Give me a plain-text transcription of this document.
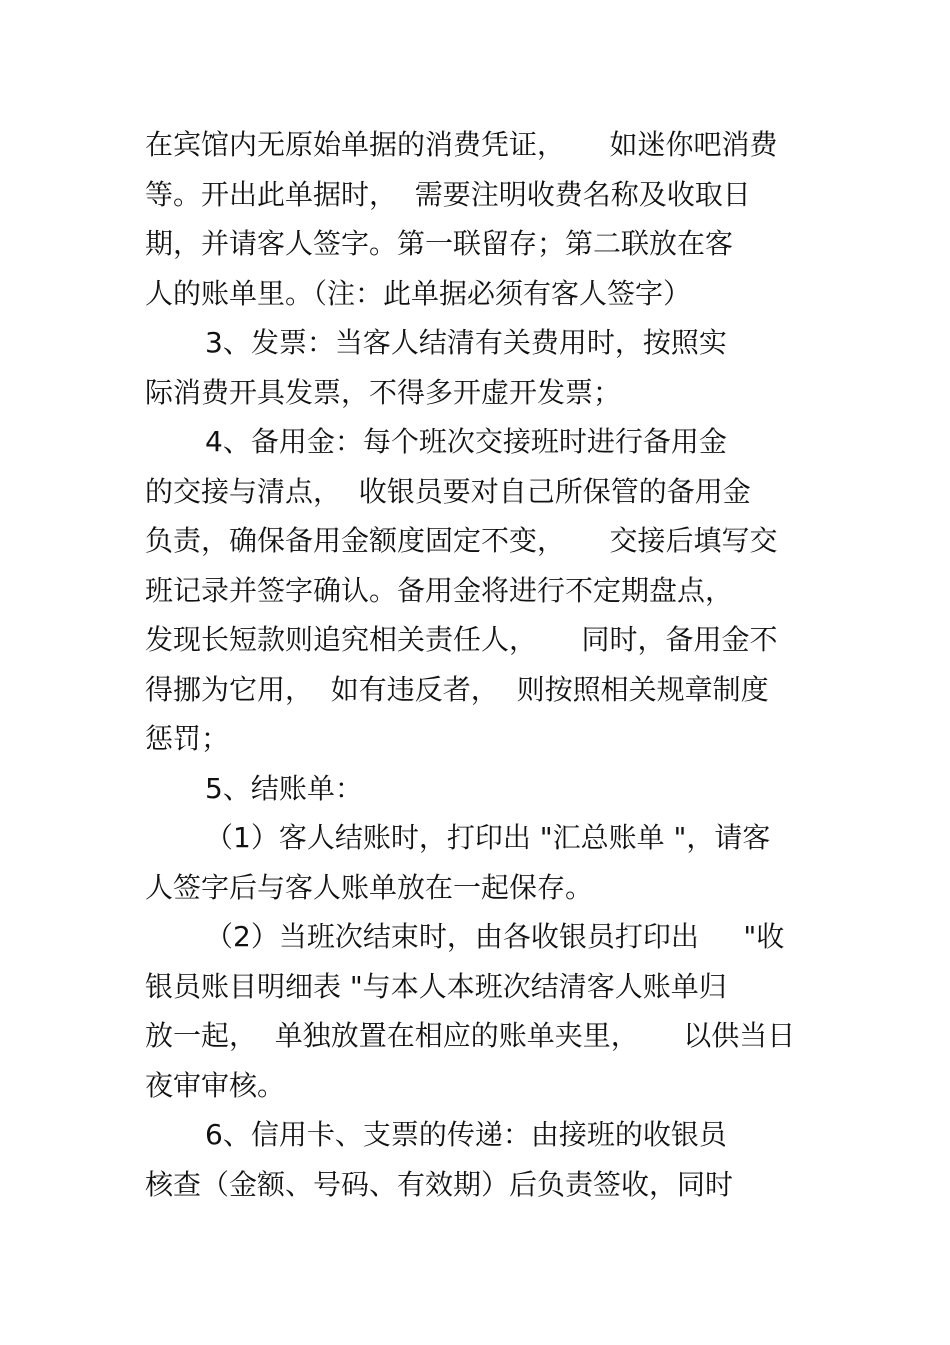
在宾馆内无原始单据的消费凭证，     如迷你吧消费
等。开出此单据时，  需要注明收费名称及收取日
期，并请客人签字。第一联留存；第二联放在客
人的账单里。（注：此单据必须有客人签字）
3、发票：当客人结清有关费用时，按照实
际消费开具发票，不得多开虚开发票；
4、备用金：每个班次交接班时进行备用金
的交接与清点，  收银员要对自己所保管的备用金
负责，确保备用金额度固定不变，     交接后填写交
班记录并签字确认。备用金将进行不定期盘点，
发现长短款则追究相关责任人，     同时，备用金不
得挪为它用，  如有违反者，  则按照相关规章制度
惩罚；
5、结账单：
（1）客人结账时，打印出 "汇总账单 "，请客
人签字后与客人账单放在一起保存。
（2）当班次结束时，由各收银员打印出     "收
银员账目明细表 "与本人本班次结清客人账单归
放一起，  单独放置在相应的账单夹里，     以供当日
夜审审核。
6、信用卡、支票的传递：由接班的收银员
核查（金额、号码、有效期）后负责签收，同时
